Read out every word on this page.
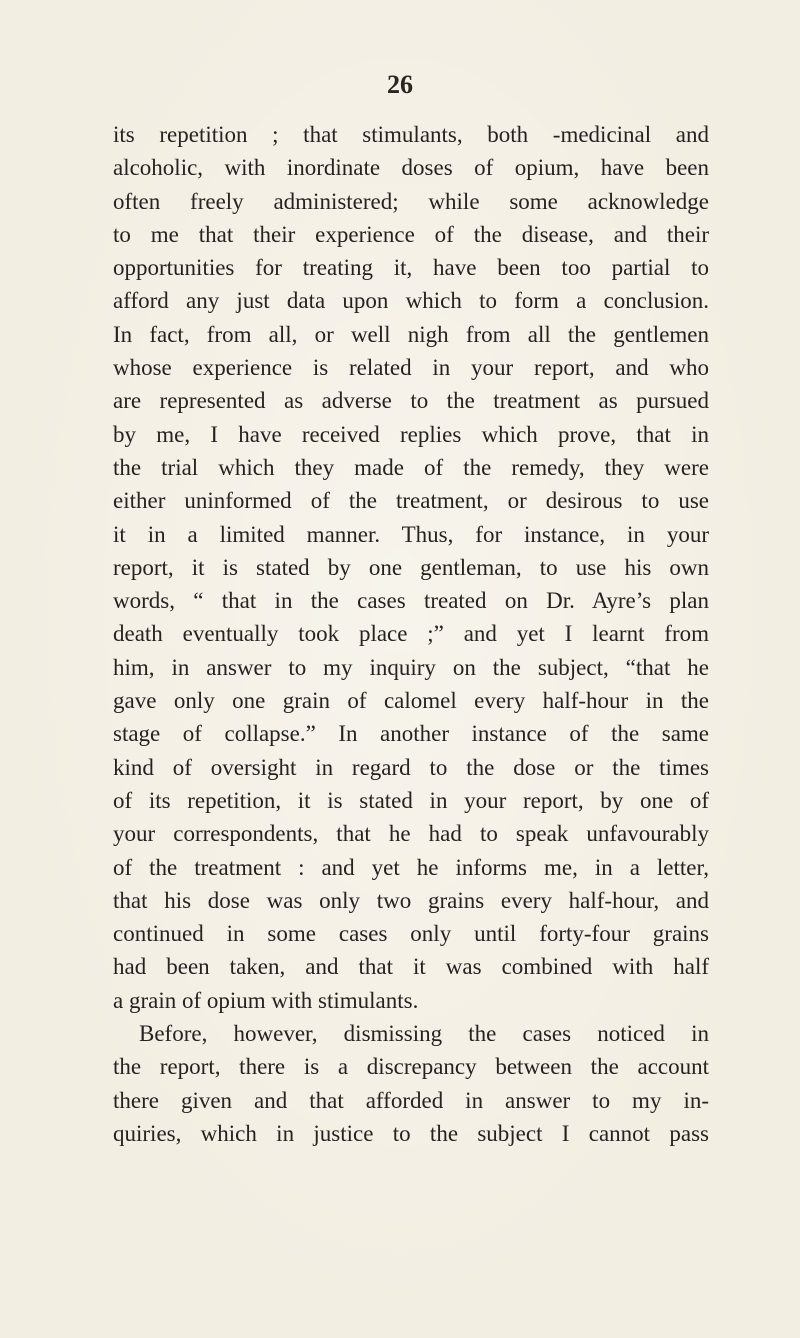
26

its repetition ; that stimulants, both -medicinal and
alcoholic, with inordinate doses of opium, have been
often freely administered; while some acknowledge
to me that their experience of the disease, and their
opportunities for treating it, have been too partial to
afford any just data upon which to form a conclusion.
In fact, from all, or well nigh from all the gentlemen
whose experience is related in your report, and who
are represented as adverse to the treatment as pursued
by me, I have received replies which prove, that in
the trial which they made of the remedy, they were
either uninformed of the treatment, or desirous to use
it in a limited manner. Thus, for instance, in your
report, it is stated by one gentleman, to use his own
words, “ that in the cases treated on Dr. Ayre’s plan
death eventually took place ;” and yet I learnt from
him, in answer to my inquiry on the subject, “that he
gave only one grain of calomel every half-hour in the
stage of collapse.” In another instance of the same
kind of oversight in regard to the dose or the times
of its repetition, it is stated in your report, by one of
your correspondents, that he had to speak unfavourably
of the treatment : and yet he informs me, in a letter,
that his dose was only two grains every half-hour, and
continued in some cases only until forty-four grains
had been taken, and that it was combined with half
a grain of opium with stimulants.
Before, however, dismissing the cases noticed in
the report, there is a discrepancy between the account
there given and that afforded in answer to my in-
quiries, which in justice to the subject I cannot pass
